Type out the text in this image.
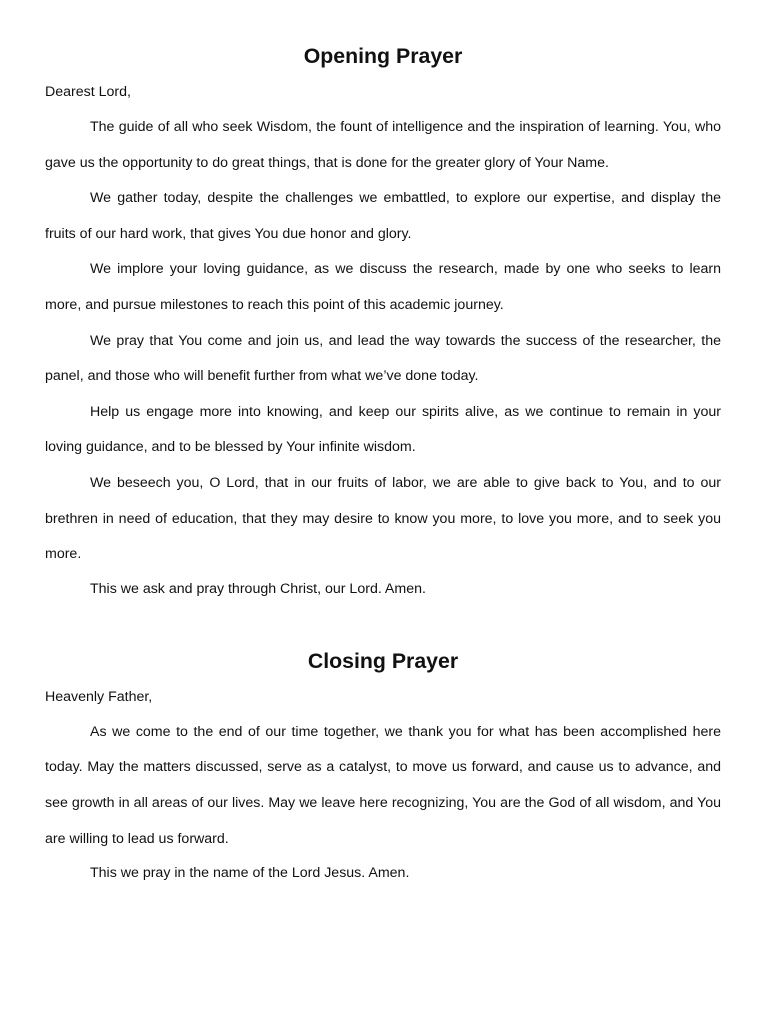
Opening Prayer

Dearest Lord,

The guide of all who seek Wisdom, the fount of intelligence and the inspiration of learning. You, who gave us the opportunity to do great things, that is done for the greater glory of Your Name.

We gather today, despite the challenges we embattled, to explore our expertise, and display the fruits of our hard work, that gives You due honor and glory.

We implore your loving guidance, as we discuss the research, made by one who seeks to learn more, and pursue milestones to reach this point of this academic journey.

We pray that You come and join us, and lead the way towards the success of the researcher, the panel, and those who will benefit further from what we’ve done today.

Help us engage more into knowing, and keep our spirits alive, as we continue to remain in your loving guidance, and to be blessed by Your infinite wisdom.

We beseech you, O Lord, that in our fruits of labor, we are able to give back to You, and to our brethren in need of education, that they may desire to know you more, to love you more, and to seek you more.

This we ask and pray through Christ, our Lord. Amen.

Closing Prayer

Heavenly Father,

As we come to the end of our time together, we thank you for what has been accomplished here today. May the matters discussed, serve as a catalyst, to move us forward, and cause us to advance, and see growth in all areas of our lives. May we leave here recognizing, You are the God of all wisdom, and You are willing to lead us forward.

This we pray in the name of the Lord Jesus. Amen.
